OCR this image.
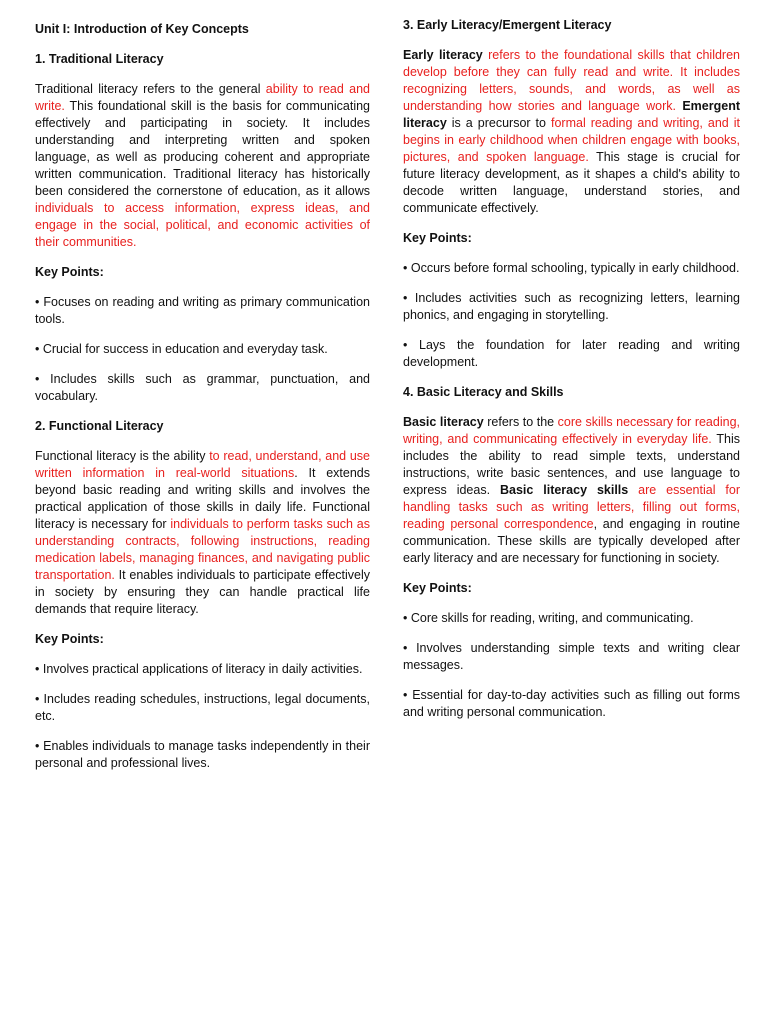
Unit I: Introduction of Key Concepts

1. Traditional Literacy

Traditional literacy refers to the general ability to read and write. This foundational skill is the basis for communicating effectively and participating in society. It includes understanding and interpreting written and spoken language, as well as producing coherent and appropriate written communication. Traditional literacy has historically been considered the cornerstone of education, as it allows individuals to access information, express ideas, and engage in the social, political, and economic activities of their communities.

Key Points:

• Focuses on reading and writing as primary communication tools.

• Crucial for success in education and everyday task.

• Includes skills such as grammar, punctuation, and vocabulary.

2. Functional Literacy

Functional literacy is the ability to read, understand, and use written information in real-world situations. It extends beyond basic reading and writing skills and involves the practical application of those skills in daily life. Functional literacy is necessary for individuals to perform tasks such as understanding contracts, following instructions, reading medication labels, managing finances, and navigating public transportation. It enables individuals to participate effectively in society by ensuring they can handle practical life demands that require literacy.

Key Points:

• Involves practical applications of literacy in daily activities.

• Includes reading schedules, instructions, legal documents, etc.

• Enables individuals to manage tasks independently in their personal and professional lives.

3. Early Literacy/Emergent Literacy

Early literacy refers to the foundational skills that children develop before they can fully read and write. It includes recognizing letters, sounds, and words, as well as understanding how stories and language work. Emergent literacy is a precursor to formal reading and writing, and it begins in early childhood when children engage with books, pictures, and spoken language. This stage is crucial for future literacy development, as it shapes a child's ability to decode written language, understand stories, and communicate effectively.

Key Points:

• Occurs before formal schooling, typically in early childhood.

• Includes activities such as recognizing letters, learning phonics, and engaging in storytelling.

• Lays the foundation for later reading and writing development.

4. Basic Literacy and Skills

Basic literacy refers to the core skills necessary for reading, writing, and communicating effectively in everyday life. This includes the ability to read simple texts, understand instructions, write basic sentences, and use language to express ideas. Basic literacy skills are essential for handling tasks such as writing letters, filling out forms, reading personal correspondence, and engaging in routine communication. These skills are typically developed after early literacy and are necessary for functioning in society.

Key Points:

• Core skills for reading, writing, and communicating.

• Involves understanding simple texts and writing clear messages.

• Essential for day-to-day activities such as filling out forms and writing personal communication.
